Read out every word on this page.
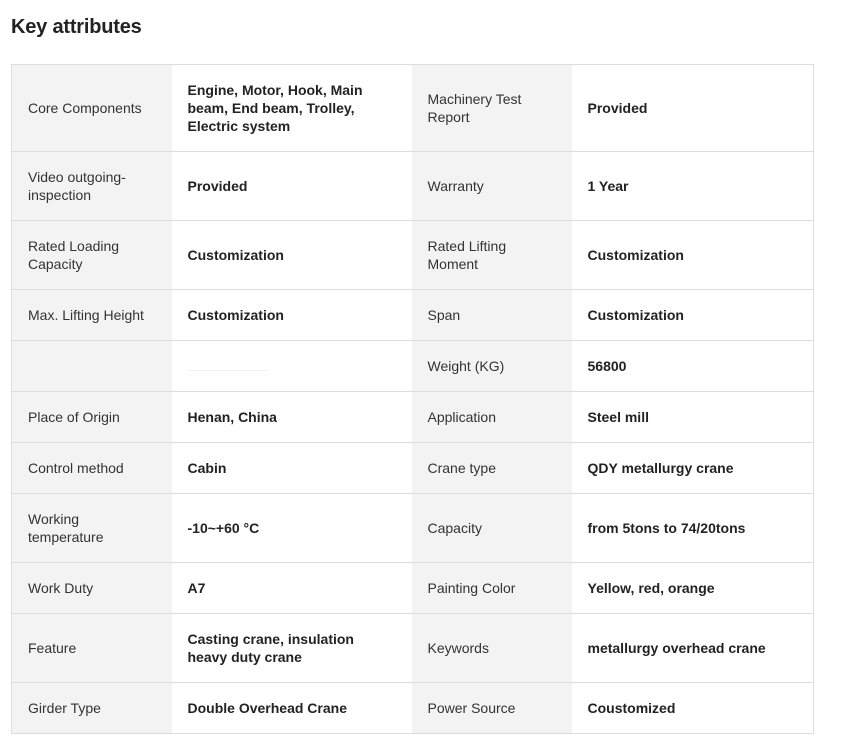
Key attributes
Core Components	Engine, Motor, Hook, Main beam, End beam, Trolley, Electric system	Machinery Test Report	Provided
Video outgoing-inspection	Provided	Warranty	1 Year
Rated Loading Capacity	Customization	Rated Lifting Moment	Customization
Max. Lifting Height	Customization	Span	Customization
		Weight (KG)	56800
Place of Origin	Henan, China	Application	Steel mill
Control method	Cabin	Crane type	QDY metallurgy crane
Working temperature	-10~+60 °C	Capacity	from 5tons to 74/20tons
Work Duty	A7	Painting Color	Yellow, red, orange
Feature	Casting crane, insulation heavy duty crane	Keywords	metallurgy overhead crane
Girder Type	Double Overhead Crane	Power Source	Coustomized
